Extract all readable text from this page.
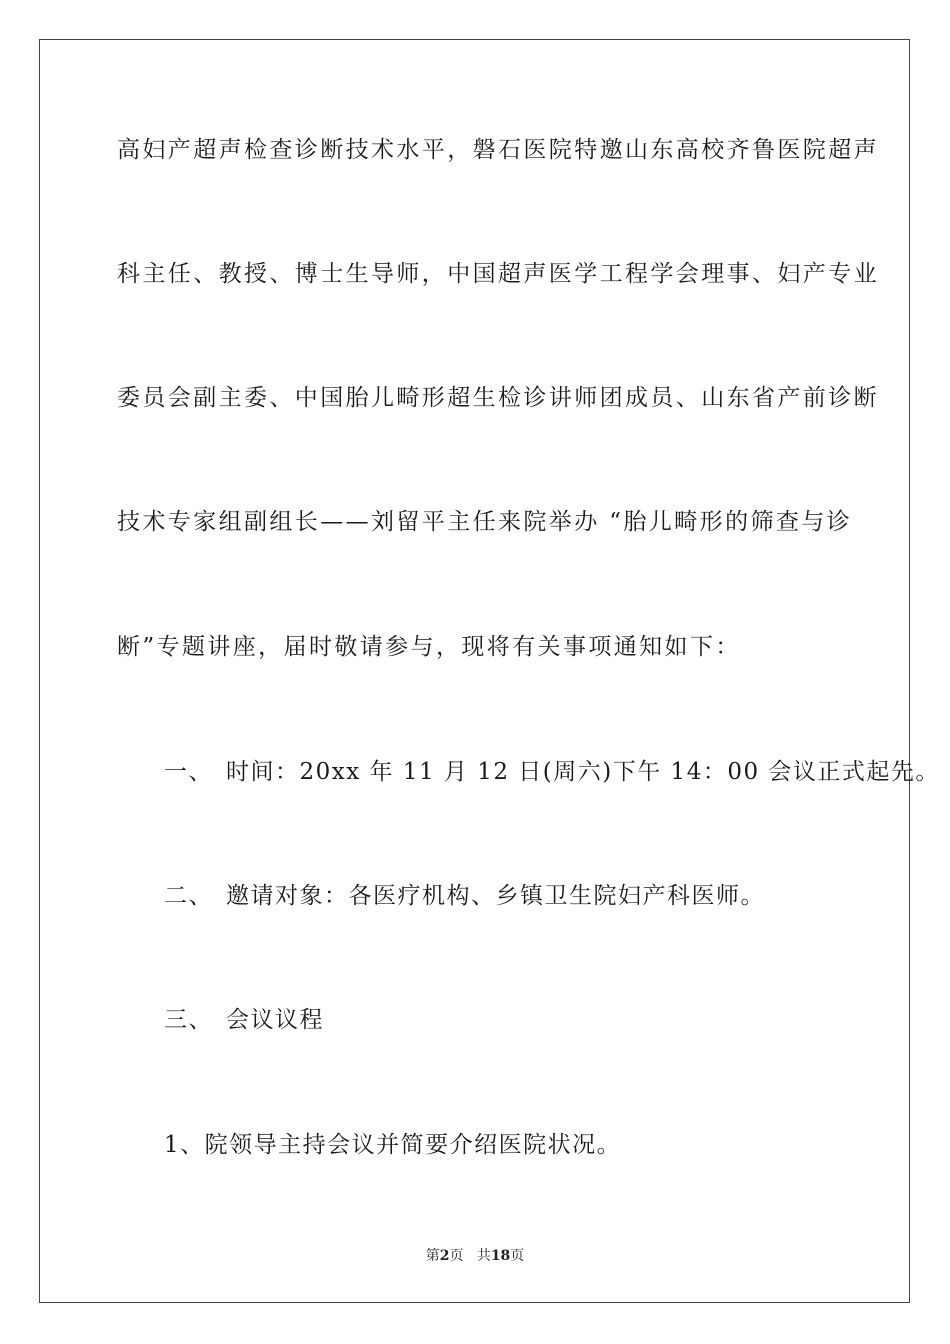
高妇产超声检查诊断技术水平，磐石医院特邀山东高校齐鲁医院超声
科主任、教授、博士生导师，中国超声医学工程学会理事、妇产专业
委员会副主委、中国胎儿畸形超生检诊讲师团成员、山东省产前诊断
技术专家组副组长——刘留平主任来院举办 “胎儿畸形的筛查与诊
断”专题讲座，届时敬请参与，现将有关事项通知如下：
一、 时间：20xx 年 11 月 12 日(周六)下午 14：00 会议正式起先。
二、 邀请对象：各医疗机构、乡镇卫生院妇产科医师。
三、 会议议程
1、院领导主持会议并简要介绍医院状况。
第2页 共18页
